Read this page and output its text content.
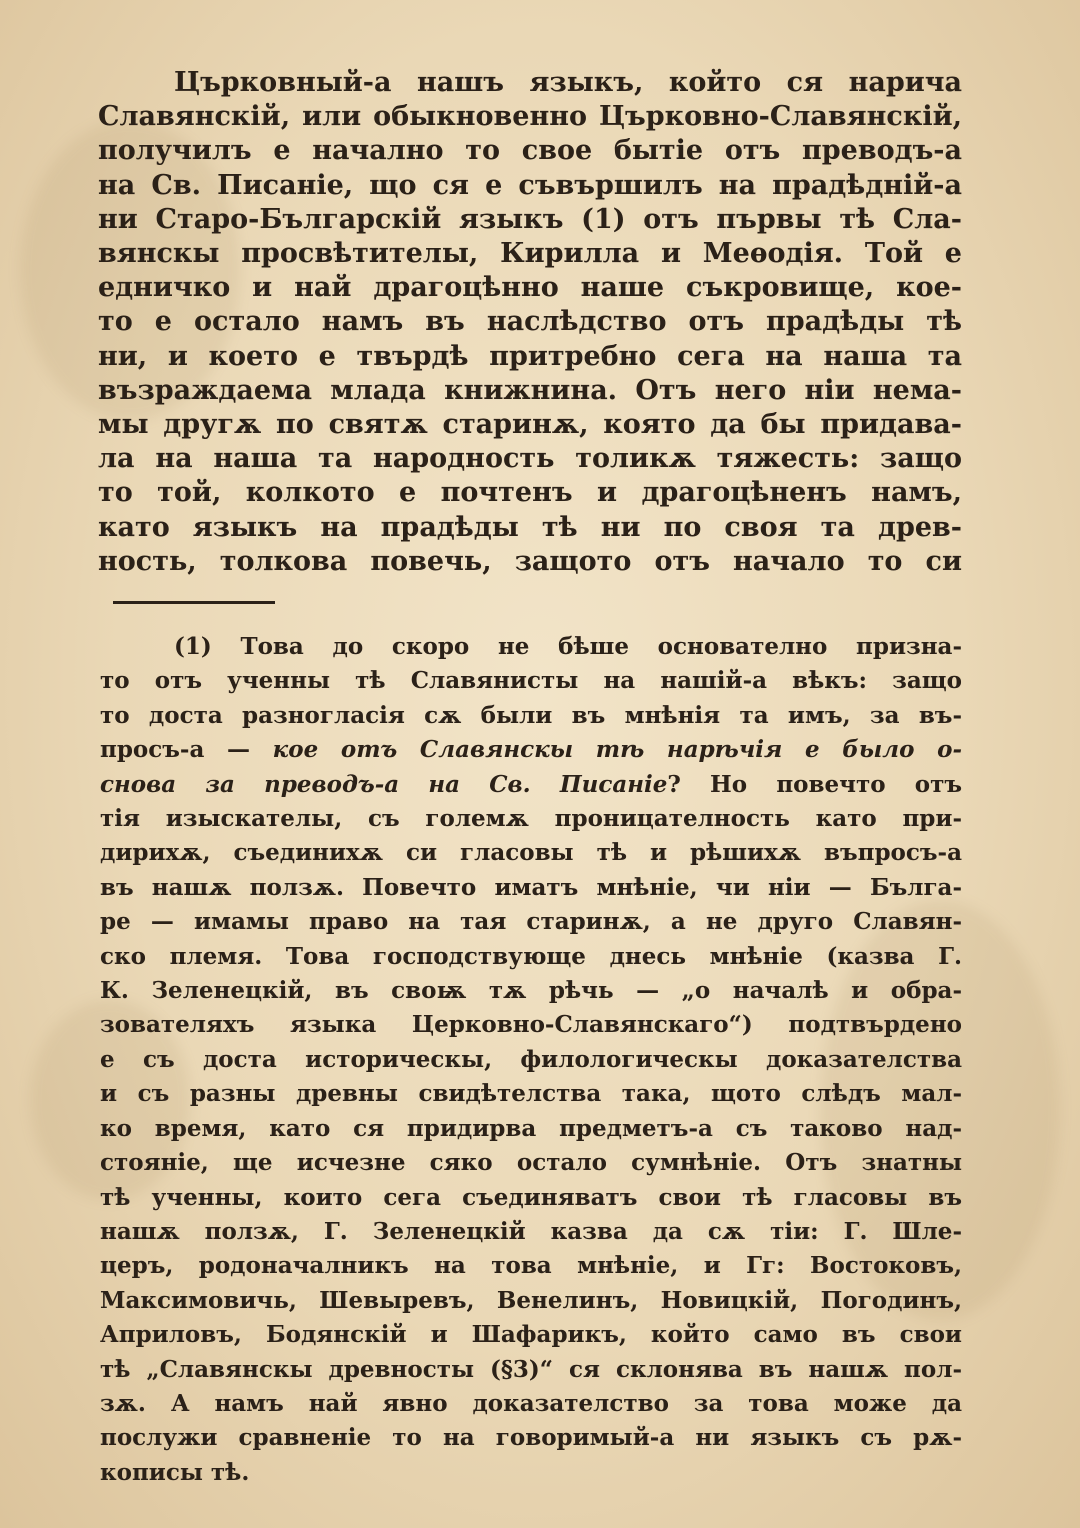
Църковный-а нашъ языкъ, който ся нарича
Славянскій, или обыкновенно Църковно-Славянскій,
получилъ е начално то свое бытіе отъ преводъ-а
на Св. Писаніе, що ся е съвършилъ на прадѣдній-а
ни Старо-Българскій языкъ (1) отъ първы тѣ Сла-
вянскы просвѣтителы, Кирилла и Меѳодія. Той е
едничко и най драгоцѣнно наше съкровище, кое-
то е остало намъ въ наслѣдство отъ прадѣды тѣ
ни, и което е твърдѣ притребно сега на наша та
възраждаема млада книжнина. Отъ него ніи нема-
мы другѫ по святѫ старинѫ, която да бы придава-
ла на наша та народность толикѫ тяжесть: защо
то той, колкото е почтенъ и драгоцѣненъ намъ,
като языкъ на прадѣды тѣ ни по своя та древ-
ность, толкова повечь, защото отъ начало то си
(1) Това до скоро не бѣше основателно призна-
то отъ ученны тѣ Славянисты на нашій-а вѣкъ: защо
то доста разногласія сѫ были въ мнѣнія та имъ, за въ-
просъ-а — кое отъ Славянскы тѣ нарѣчія е было о-
снова за преводъ-а на Св. Писаніе? Но повечто отъ
тія изыскателы, съ големѫ проницателность като при-
дирихѫ, съединихѫ си гласовы тѣ и рѣшихѫ въпросъ-а
въ нашѫ ползѫ. Повечто иматъ мнѣніе, чи ніи — Бълга-
ре — имамы право на тая старинѫ, а не друго Славян-
ско племя. Това господствующе днесь мнѣніе (казва Г.
К. Зеленецкій, въ своѭ тѫ рѣчь — „о началѣ и обра-
зователяхъ языка Церковно-Славянскаго“) подтвърдено
е съ доста историческы, филологическы доказателства
и съ разны древны свидѣтелства така, щото слѣдъ мал-
ко время, като ся придирва предметъ-а съ таково над-
стояніе, ще исчезне сяко остало сумнѣніе. Отъ знатны
тѣ ученны, които сега съединяватъ свои тѣ гласовы въ
нашѫ ползѫ, Г. Зеленецкій казва да сѫ тіи: Г. Шле-
церъ, родоначалникъ на това мнѣніе, и Гг: Востоковъ,
Максимовичь, Шевыревъ, Венелинъ, Новицкій, Погодинъ,
Априловъ, Бодянскій и Шафарикъ, който само въ свои
тѣ „Славянскы древносты (§3)“ ся склонява въ нашѫ пол-
зѫ. А намъ най явно доказателство за това може да
послужи сравненіе то на говоримый-а ни языкъ съ рѫ-
кописы тѣ.
